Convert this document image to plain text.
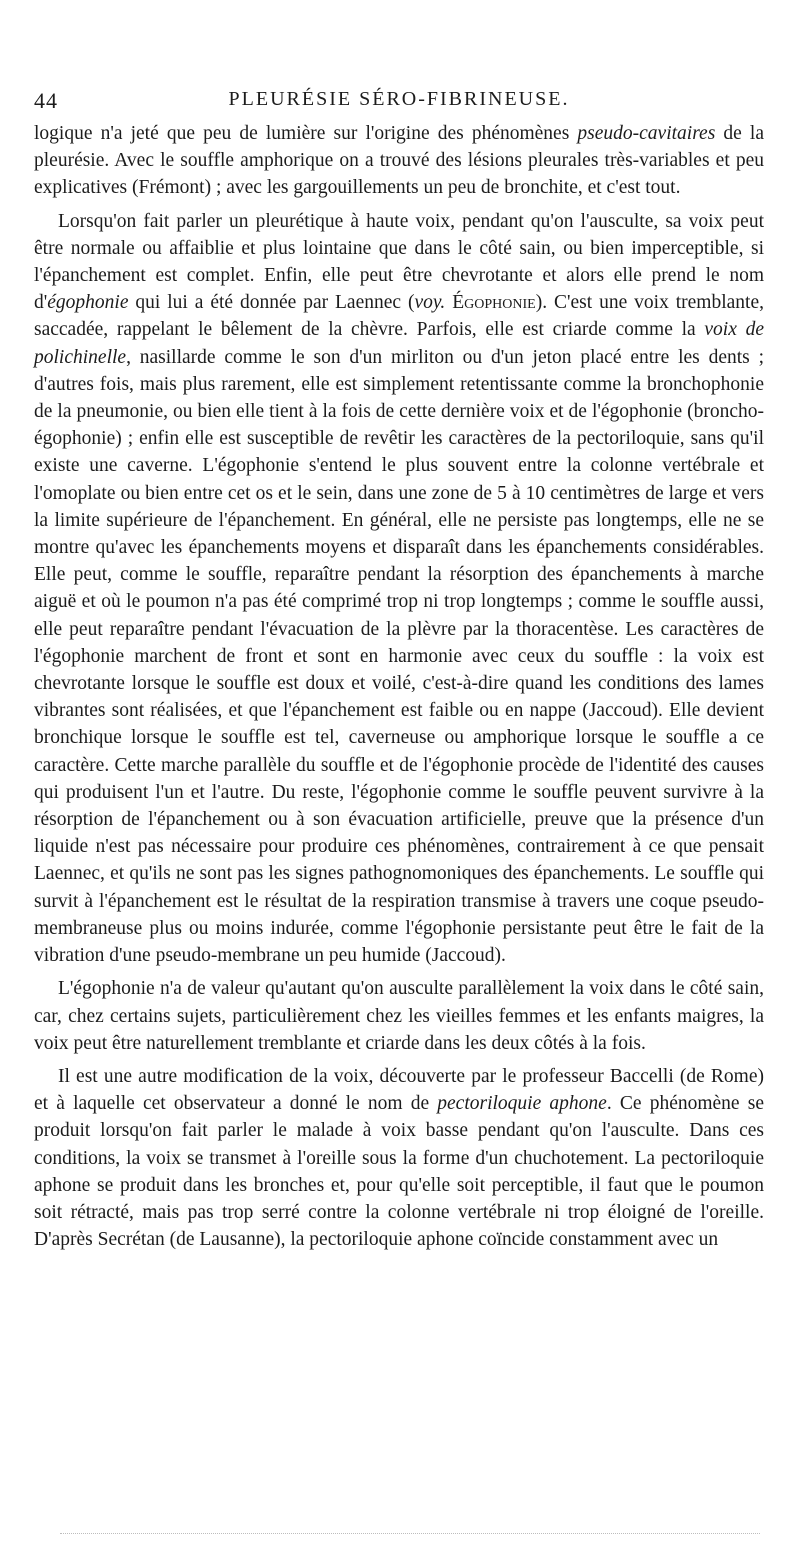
44	PLEURÉSIE SÉRO-FIBRINEUSE.

logique n'a jeté que peu de lumière sur l'origine des phénomènes pseudo-cavitaires de la pleurésie. Avec le souffle amphorique on a trouvé des lésions pleurales très-variables et peu explicatives (Frémont) ; avec les gargouillements un peu de bronchite, et c'est tout.

Lorsqu'on fait parler un pleurétique à haute voix, pendant qu'on l'ausculte, sa voix peut être normale ou affaiblie et plus lointaine que dans le côté sain, ou bien imperceptible, si l'épanchement est complet. Enfin, elle peut être chevrotante et alors elle prend le nom d'égophonie qui lui a été donnée par Laennec (voy. Égophonie). C'est une voix tremblante, saccadée, rappelant le bêlement de la chèvre. Parfois, elle est criarde comme la voix de polichinelle, nasillarde comme le son d'un mirliton ou d'un jeton placé entre les dents ; d'autres fois, mais plus rarement, elle est simplement retentissante comme la bronchophonie de la pneumonie, ou bien elle tient à la fois de cette dernière voix et de l'égophonie (broncho-égophonie) ; enfin elle est susceptible de revêtir les caractères de la pectoriloquie, sans qu'il existe une caverne. L'égophonie s'entend le plus souvent entre la colonne vertébrale et l'omoplate ou bien entre cet os et le sein, dans une zone de 5 à 10 centimètres de large et vers la limite supérieure de l'épanchement. En général, elle ne persiste pas longtemps, elle ne se montre qu'avec les épanchements moyens et disparaît dans les épanchements considérables. Elle peut, comme le souffle, reparaître pendant la résorption des épanchements à marche aiguë et où le poumon n'a pas été comprimé trop ni trop longtemps ; comme le souffle aussi, elle peut reparaître pendant l'évacuation de la plèvre par la thoracentèse. Les caractères de l'égophonie marchent de front et sont en harmonie avec ceux du souffle : la voix est chevrotante lorsque le souffle est doux et voilé, c'est-à-dire quand les conditions des lames vibrantes sont réalisées, et que l'épanchement est faible ou en nappe (Jaccoud). Elle devient bronchique lorsque le souffle est tel, caverneuse ou amphorique lorsque le souffle a ce caractère. Cette marche parallèle du souffle et de l'égophonie procède de l'identité des causes qui produisent l'un et l'autre. Du reste, l'égophonie comme le souffle peuvent survivre à la résorption de l'épanchement ou à son évacuation artificielle, preuve que la présence d'un liquide n'est pas nécessaire pour produire ces phénomènes, contrairement à ce que pensait Laennec, et qu'ils ne sont pas les signes pathognomoniques des épanchements. Le souffle qui survit à l'épanchement est le résultat de la respiration transmise à travers une coque pseudo-membraneuse plus ou moins indurée, comme l'égophonie persistante peut être le fait de la vibration d'une pseudo-membrane un peu humide (Jaccoud).

L'égophonie n'a de valeur qu'autant qu'on ausculte parallèlement la voix dans le côté sain, car, chez certains sujets, particulièrement chez les vieilles femmes et les enfants maigres, la voix peut être naturellement tremblante et criarde dans les deux côtés à la fois.

Il est une autre modification de la voix, découverte par le professeur Baccelli (de Rome) et à laquelle cet observateur a donné le nom de pectoriloquie aphone. Ce phénomène se produit lorsqu'on fait parler le malade à voix basse pendant qu'on l'ausculte. Dans ces conditions, la voix se transmet à l'oreille sous la forme d'un chuchotement. La pectoriloquie aphone se produit dans les bronches et, pour qu'elle soit perceptible, il faut que le poumon soit rétracté, mais pas trop serré contre la colonne vertébrale ni trop éloigné de l'oreille. D'après Secrétan (de Lausanne), la pectoriloquie aphone coïncide constamment avec un
